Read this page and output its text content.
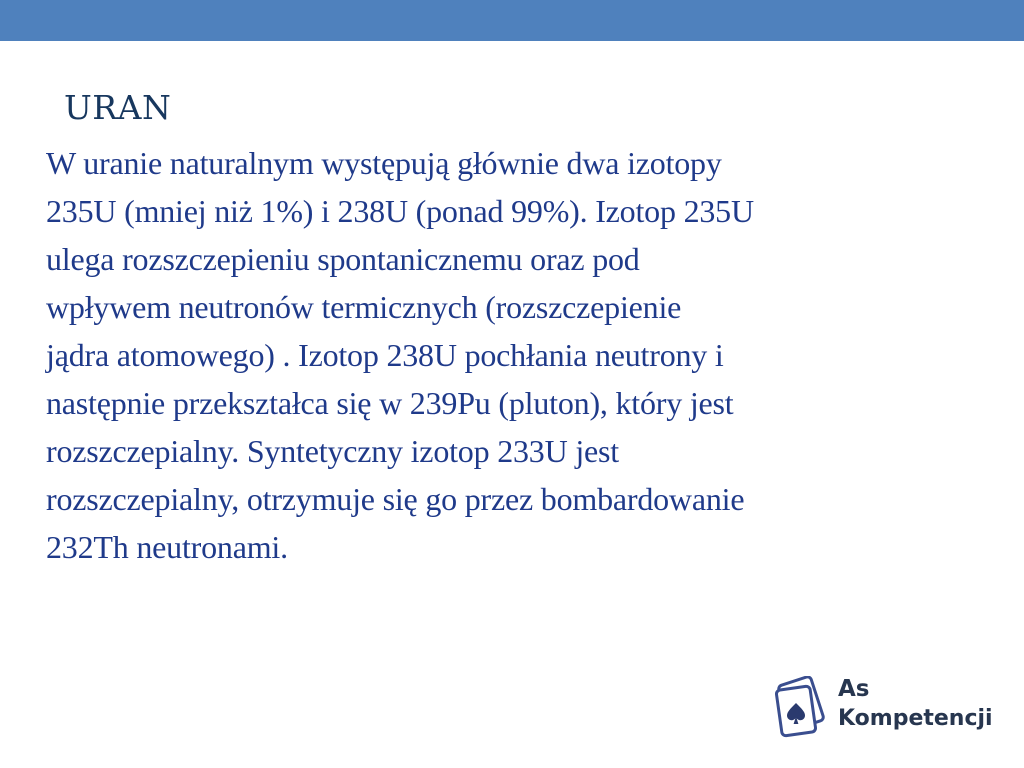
URAN
W uranie naturalnym występują głównie dwa izotopy
235U (mniej niż 1%) i 238U (ponad 99%). Izotop 235U
ulega rozszczepieniu spontanicznemu oraz pod
wpływem neutronów termicznych (rozszczepienie
jądra atomowego) . Izotop 238U pochłania neutrony i
następnie przekształca się w 239Pu (pluton), który jest
rozszczepialny. Syntetyczny izotop 233U jest
rozszczepialny, otrzymuje się go przez bombardowanie
232Th neutronami.
As
Kompetencji
